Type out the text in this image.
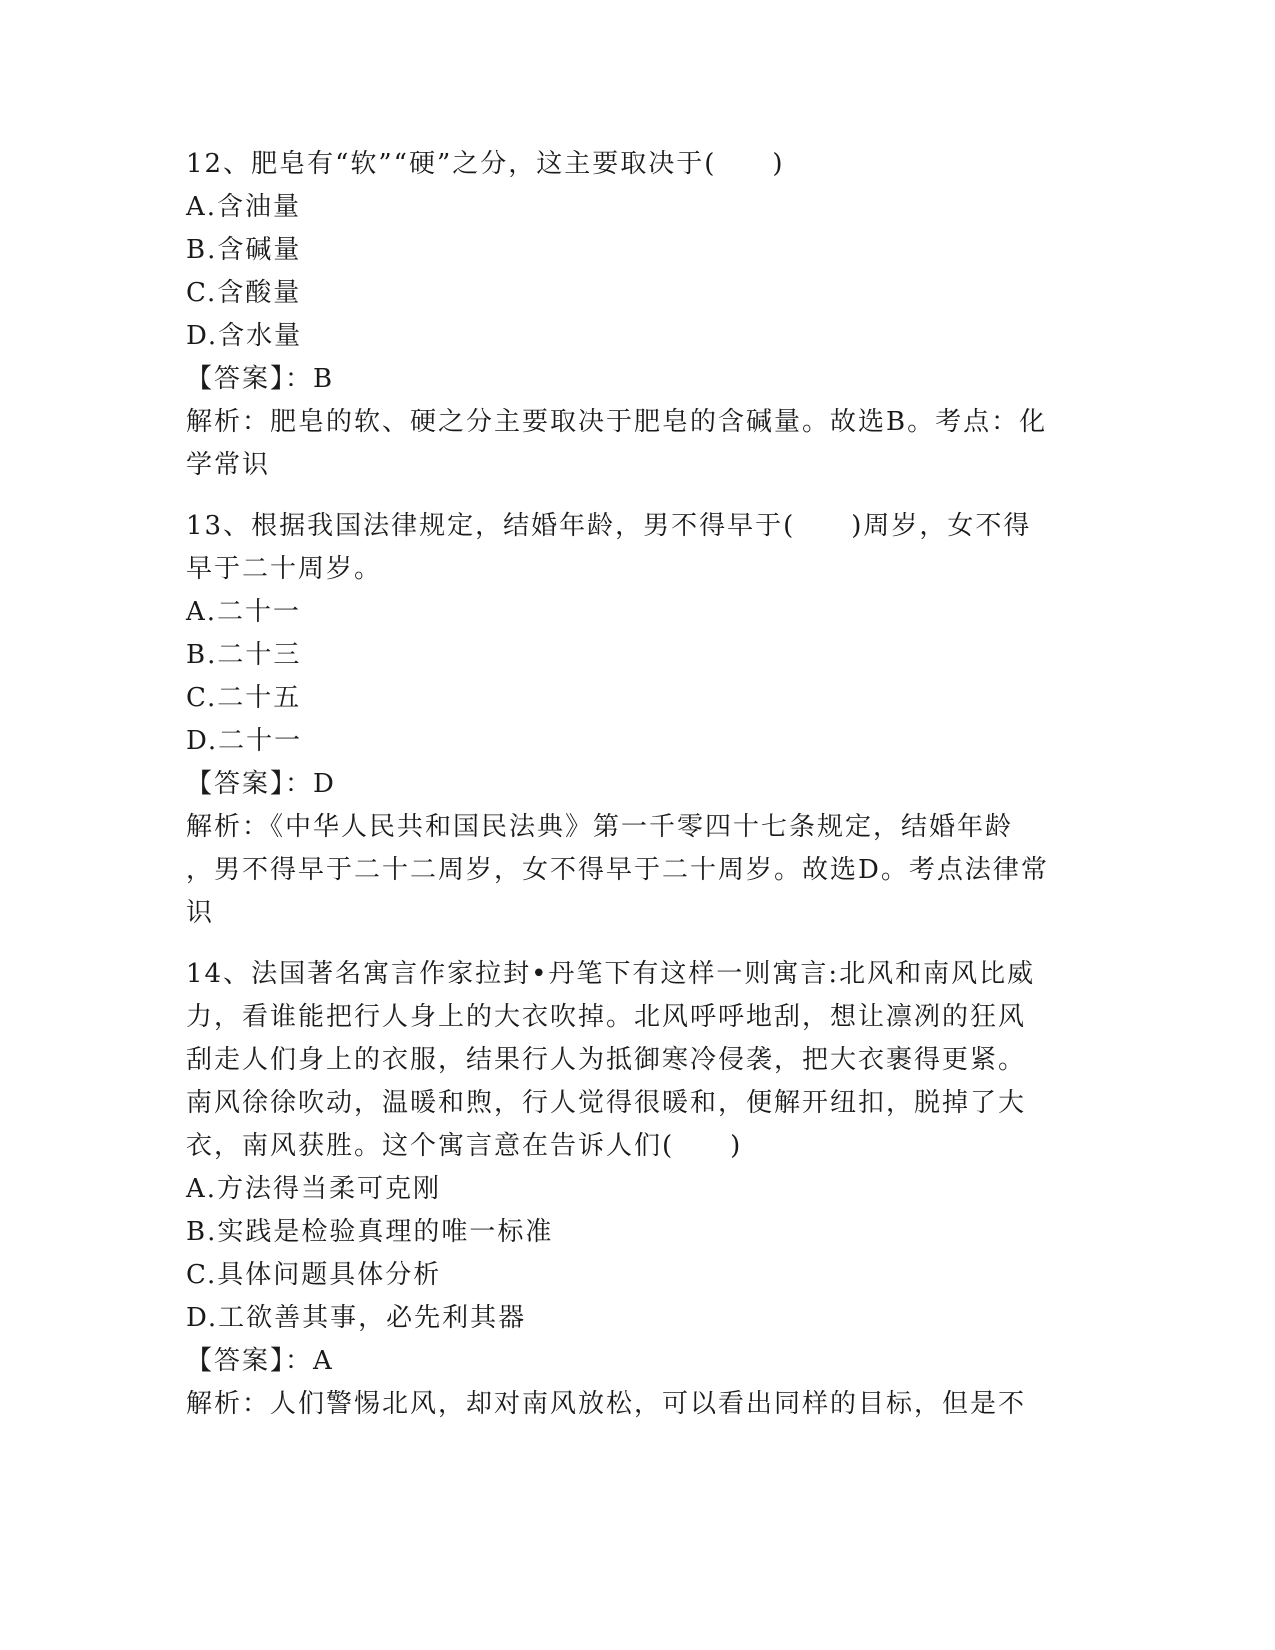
12、肥皂有“软”“硬”之分，这主要取决于(　　)
A.含油量
B.含碱量
C.含酸量
D.含水量
【答案】：B
解析：肥皂的软、硬之分主要取决于肥皂的含碱量。故选B。考点：化
学常识
13、根据我国法律规定，结婚年龄，男不得早于(　　)周岁，女不得
早于二十周岁。
A.二十一
B.二十三
C.二十五
D.二十一
【答案】：D
解析：《中华人民共和国民法典》第一千零四十七条规定，结婚年龄
，男不得早于二十二周岁，女不得早于二十周岁。故选D。考点法律常
识
14、法国著名寓言作家拉封•丹笔下有这样一则寓言:北风和南风比威
力，看谁能把行人身上的大衣吹掉。北风呼呼地刮，想让凛冽的狂风
刮走人们身上的衣服，结果行人为抵御寒冷侵袭，把大衣裹得更紧。
南风徐徐吹动，温暖和煦，行人觉得很暖和，便解开纽扣，脱掉了大
衣，南风获胜。这个寓言意在告诉人们(　　)
A.方法得当柔可克刚
B.实践是检验真理的唯一标准
C.具体问题具体分析
D.工欲善其事，必先利其器
【答案】：A
解析：人们警惕北风，却对南风放松，可以看出同样的目标，但是不
